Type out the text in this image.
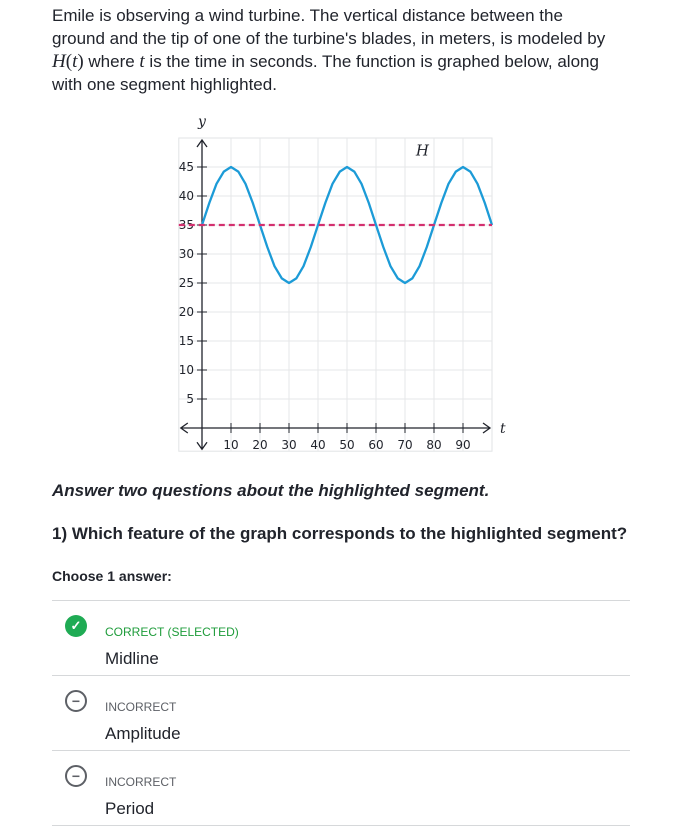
Emile is observing a wind turbine. The vertical distance between the
ground and the tip of one of the turbine's blades, in meters, is modeled by
H(t) where t is the time in seconds. The function is graphed below, along
with one segment highlighted.

10 20 30 40 50 60 70 80 90
5
10
15
20
25
30
35
40
45
t
y
H

Answer two questions about the highlighted segment.

1) Which feature of the graph corresponds to the highlighted segment?

Choose 1 answer:

✓	CORRECT (SELECTED)
Midline
−	INCORRECT
Amplitude
−	INCORRECT
Period
